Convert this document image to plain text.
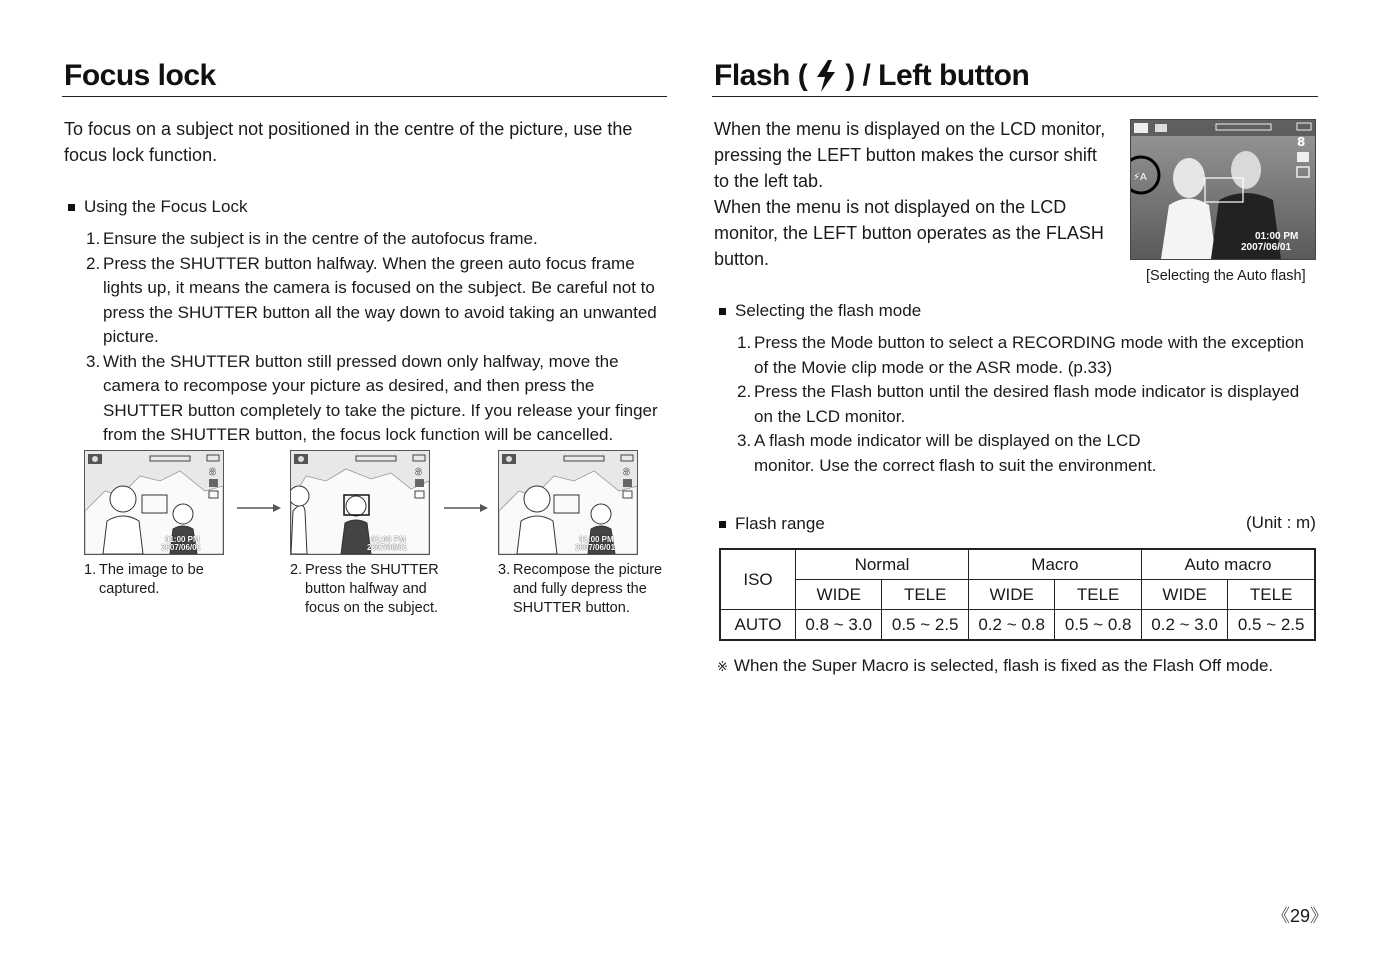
Focus lock

To focus on a subject not positioned in the centre of the picture, use the focus lock function.

Using the Focus Lock
1. Ensure the subject is in the centre of the autofocus frame.
2. Press the SHUTTER button halfway. When the green auto focus frame lights up, it means the camera is focused on the subject. Be careful not to press the SHUTTER button all the way down to avoid taking an unwanted picture.
3. With the SHUTTER button still pressed down only halfway, move the camera to recompose your picture as desired, and then press the SHUTTER button completely to take the picture. If you release your finger from the SHUTTER button, the focus lock function will be cancelled.
8
01:00 PM
2007/06/01
1. The image to be captured.
8
01:00 PM
2007/06/01
2. Press the SHUTTER button halfway and focus on the subject.
8
01:00 PM
2007/06/01
3. Recompose the picture and fully depress the SHUTTER button.
Flash ( ) / Left button

When the menu is displayed on the LCD monitor, pressing the LEFT button makes the cursor shift to the left tab.

When the menu is not displayed on the LCD monitor, the LEFT button operates as the FLASH button.

8
⚡A
01:00 PM
2007/06/01
[Selecting the Auto flash]
Selecting the flash mode
1. Press the Mode button to select a RECORDING mode with the exception of the Movie clip mode or the ASR mode. (p.33)
2. Press the Flash button until the desired flash mode indicator is displayed on the LCD monitor.
3. A flash mode indicator will be displayed on the LCD monitor. Use the correct flash to suit the environment.
Flash range	(Unit : m)
ISO	Normal		Macro		Auto macro	
	WIDE	TELE	WIDE	TELE	WIDE	TELE
AUTO	0.8 ~ 3.0	0.5 ~ 2.5	0.2 ~ 0.8	0.5 ~ 0.8	0.2 ~ 3.0	0.5 ~ 2.5
※ When the Super Macro is selected, flash is fixed as the Flash Off mode.
《29》
